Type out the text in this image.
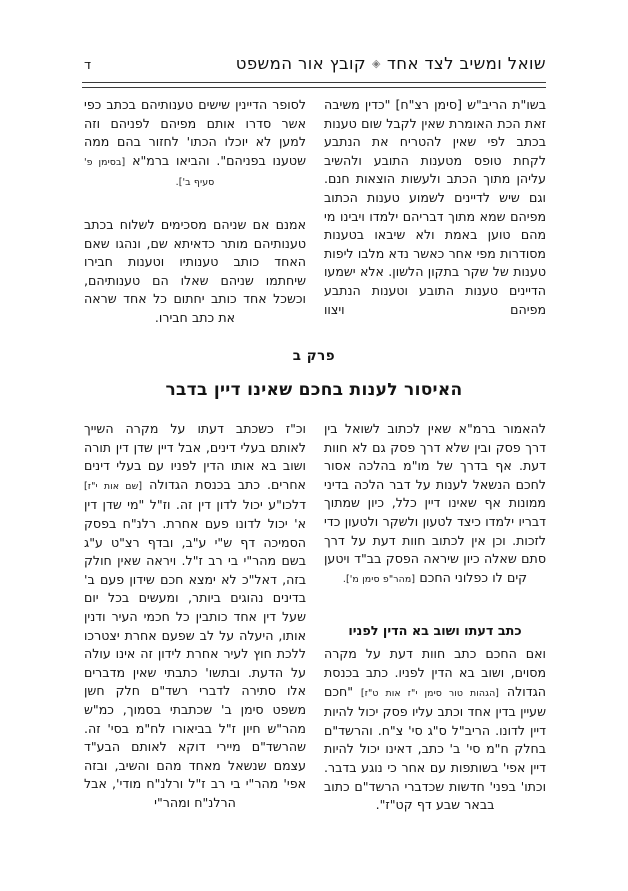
שואל ומשיב לצד אחד◈קובץ אור המשפט
ד

בשו"ת הריב"ש [סימן רצ"ח] "כדין משיבה זאת הכת האומרת שאין לקבל שום טענות בכתב לפי שאין להטריח את הנתבע לקחת טופס מטענות התובע ולהשיב עליהן מתוך הכתב ולעשות הוצאות חנם. וגם שיש לדיינים לשמוע טענות הכתוב מפיהם שמא מתוך דבריהם ילמדו ויבינו מי מהם טוען באמת ולא שיבאו בטענות מסודרות מפי אחר כאשר נדא מלבו ליפות טענות של שקר בתקון הלשון. אלא ישמעו הדיינים טענות התובע וטענות הנתבע מפיהם ויצוו

לסופר הדיינין שישים טענותיהם בכתב כפי אשר סדרו אותם מפיהם לפניהם וזה למען לא יוכלו הכתו' לחזור בהם ממה שטענו בפניהם". והביאו ברמ"א [בסימן פ' סעיף ב'].

אמנם אם שניהם מסכימים לשלוח בכתב טענותיהם מותר כדאיתא שם, ונהגו שאם האחד כותב טענותיו וטענות חבירו שיחתמו שניהם שאלו הם טענותיהם, וכשכל אחד כותב יחתום כל אחד שראה את כתב חבירו.

פרק ב

האיסור לענות בחכם שאינו דיין בדבר

להאמור ברמ"א שאין לכתוב לשואל בין דרך פסק ובין שלא דרך פסק גם לא חוות דעת. אף בדרך של מו"מ בהלכה אסור לחכם הנשאל לענות על דבר הלכה בדיני ממונות אף שאינו דיין כלל, כיון שמתוך דבריו ילמדו כיצד לטעון ולשקר ולטעון כדי לזכות. וכן אין לכתוב חוות דעת על דרך סתם שאלה כיון שיראה הפסק בב"ד ויטען קים לו כפלוני החכם [מהר"פ סימן מ'].

כתב דעתו ושוב בא הדין לפניו

ואם החכם כתב חוות דעת על מקרה מסוים, ושוב בא הדין לפניו. כתב בכנסת הגדולה [הגהות טור סימן י"ז אות ט"ז] "חכם שעיין בדין אחד וכתב עליו פסק יכול להיות דיין לדונו. הריב"ל ס"ג סי' צ"ח. והרשד"ם בחלק ח"מ סי' ב' כתב, דאינו יכול להיות דיין אפי' בשותפות עם אחר כי נוגע בדבר. וכתו' בפני' חדשות שכדברי הרשד"ם כתוב בבאר שבע דף קט"ז".

וכ"ז כשכתב דעתו על מקרה השייך לאותם בעלי דינים, אבל דיין שדן דין תורה ושוב בא אותו הדין לפניו עם בעלי דינים אחרים. כתב בכנסת הגדולה [שם אות י"ז] דלכו"ע יכול לדון דין זה. וז"ל "מי שדן דין א' יכול לדונו פעם אחרת. רלנ"ח בפסק הסמיכה דף ש"י ע"ב, ובדף רצ"ט ע"ג בשם מהר"י בי רב ז"ל. ויראה שאין חולק בזה, דאל"כ לא ימצא חכם שידון פעם ב' בדינים נהוגים ביותר, ומעשים בכל יום שעל דין אחד כותבין כל חכמי העיר ודנין אותו, היעלה על לב שפעם אחרת יצטרכו ללכת חוץ לעיר אחרת לידון זה אינו עולה על הדעת. ובתשו' כתבתי שאין מדברים אלו סתירה לדברי רשד"ם חלק חשן משפט סימן ב' שכתבתי בסמוך, כמ"ש מהר"ש חיון ז"ל בביאורו לח"מ בסי' זה. שהרשד"ם מיירי דוקא לאותם הבע"ד עצמם שנשאל מאחד מהם והשיב, ובזה אפי' מהר"י בי רב ז"ל ורלנ"ח מודי', אבל הרלנ"ח ומהר"י
